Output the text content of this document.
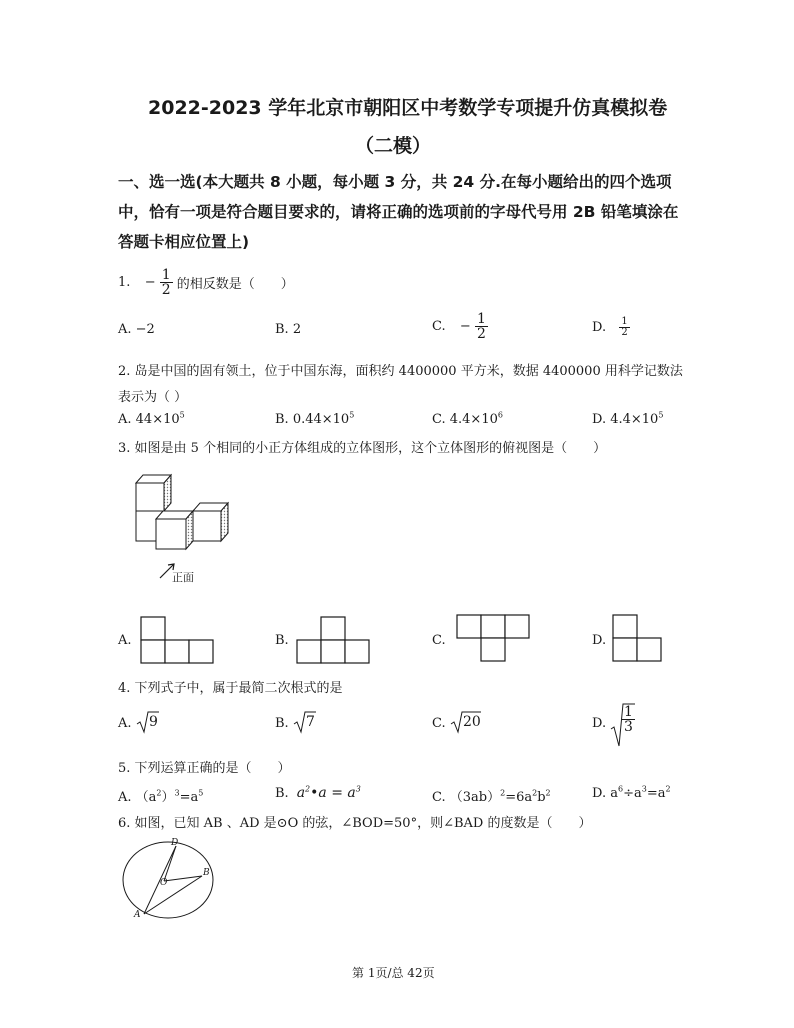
2022-2023 学年北京市朝阳区中考数学专项提升仿真模拟卷
（二模）
一、选一选(本大题共 8 小题，每小题 3 分，共 24 分.在每小题给出的四个选项
中，恰有一项是符合题目要求的，请将正确的选项前的字母代号用 2B 铅笔填涂在
答题卡相应位置上)
1. − $\frac{1}{2}$ 的相反数是（　　）
A. −2	B. 2	C. − $\frac{1}{2}$	D. $\frac{1}{2}$
2. 岛是中国的固有领土，位于中国东海，面积约 4400000 平方米，数据 4400000 用科学记数法
表示为（ ）
A. $44\times 10^5$	B. $0.44\times 10^5$	C. $4.4\times 10^6$	D. $4.4\times 10^5$
3. 如图是由 5 个相同的小正方体组成的立体图形，这个立体图形的俯视图是（　　）
正面
A.	B.	C.	D.
4. 下列式子中，属于最简二次根式的是
A. 9	B. 7	C. 20	D. $\frac{1}{3}$
5. 下列运算正确的是（　　）
A. $(a^2)^3=a^5$	B. $a^2•a = a^3$
C. $(3ab)^2=6a^2b^2$	D. $a^6\div a^3=a^2$
6. 如图，已知 AB 、AD 是⊙O 的弦，∠BOD=50°，则∠BAD 的度数是（　　）
D
O
B
A
第 1页/总 42页
